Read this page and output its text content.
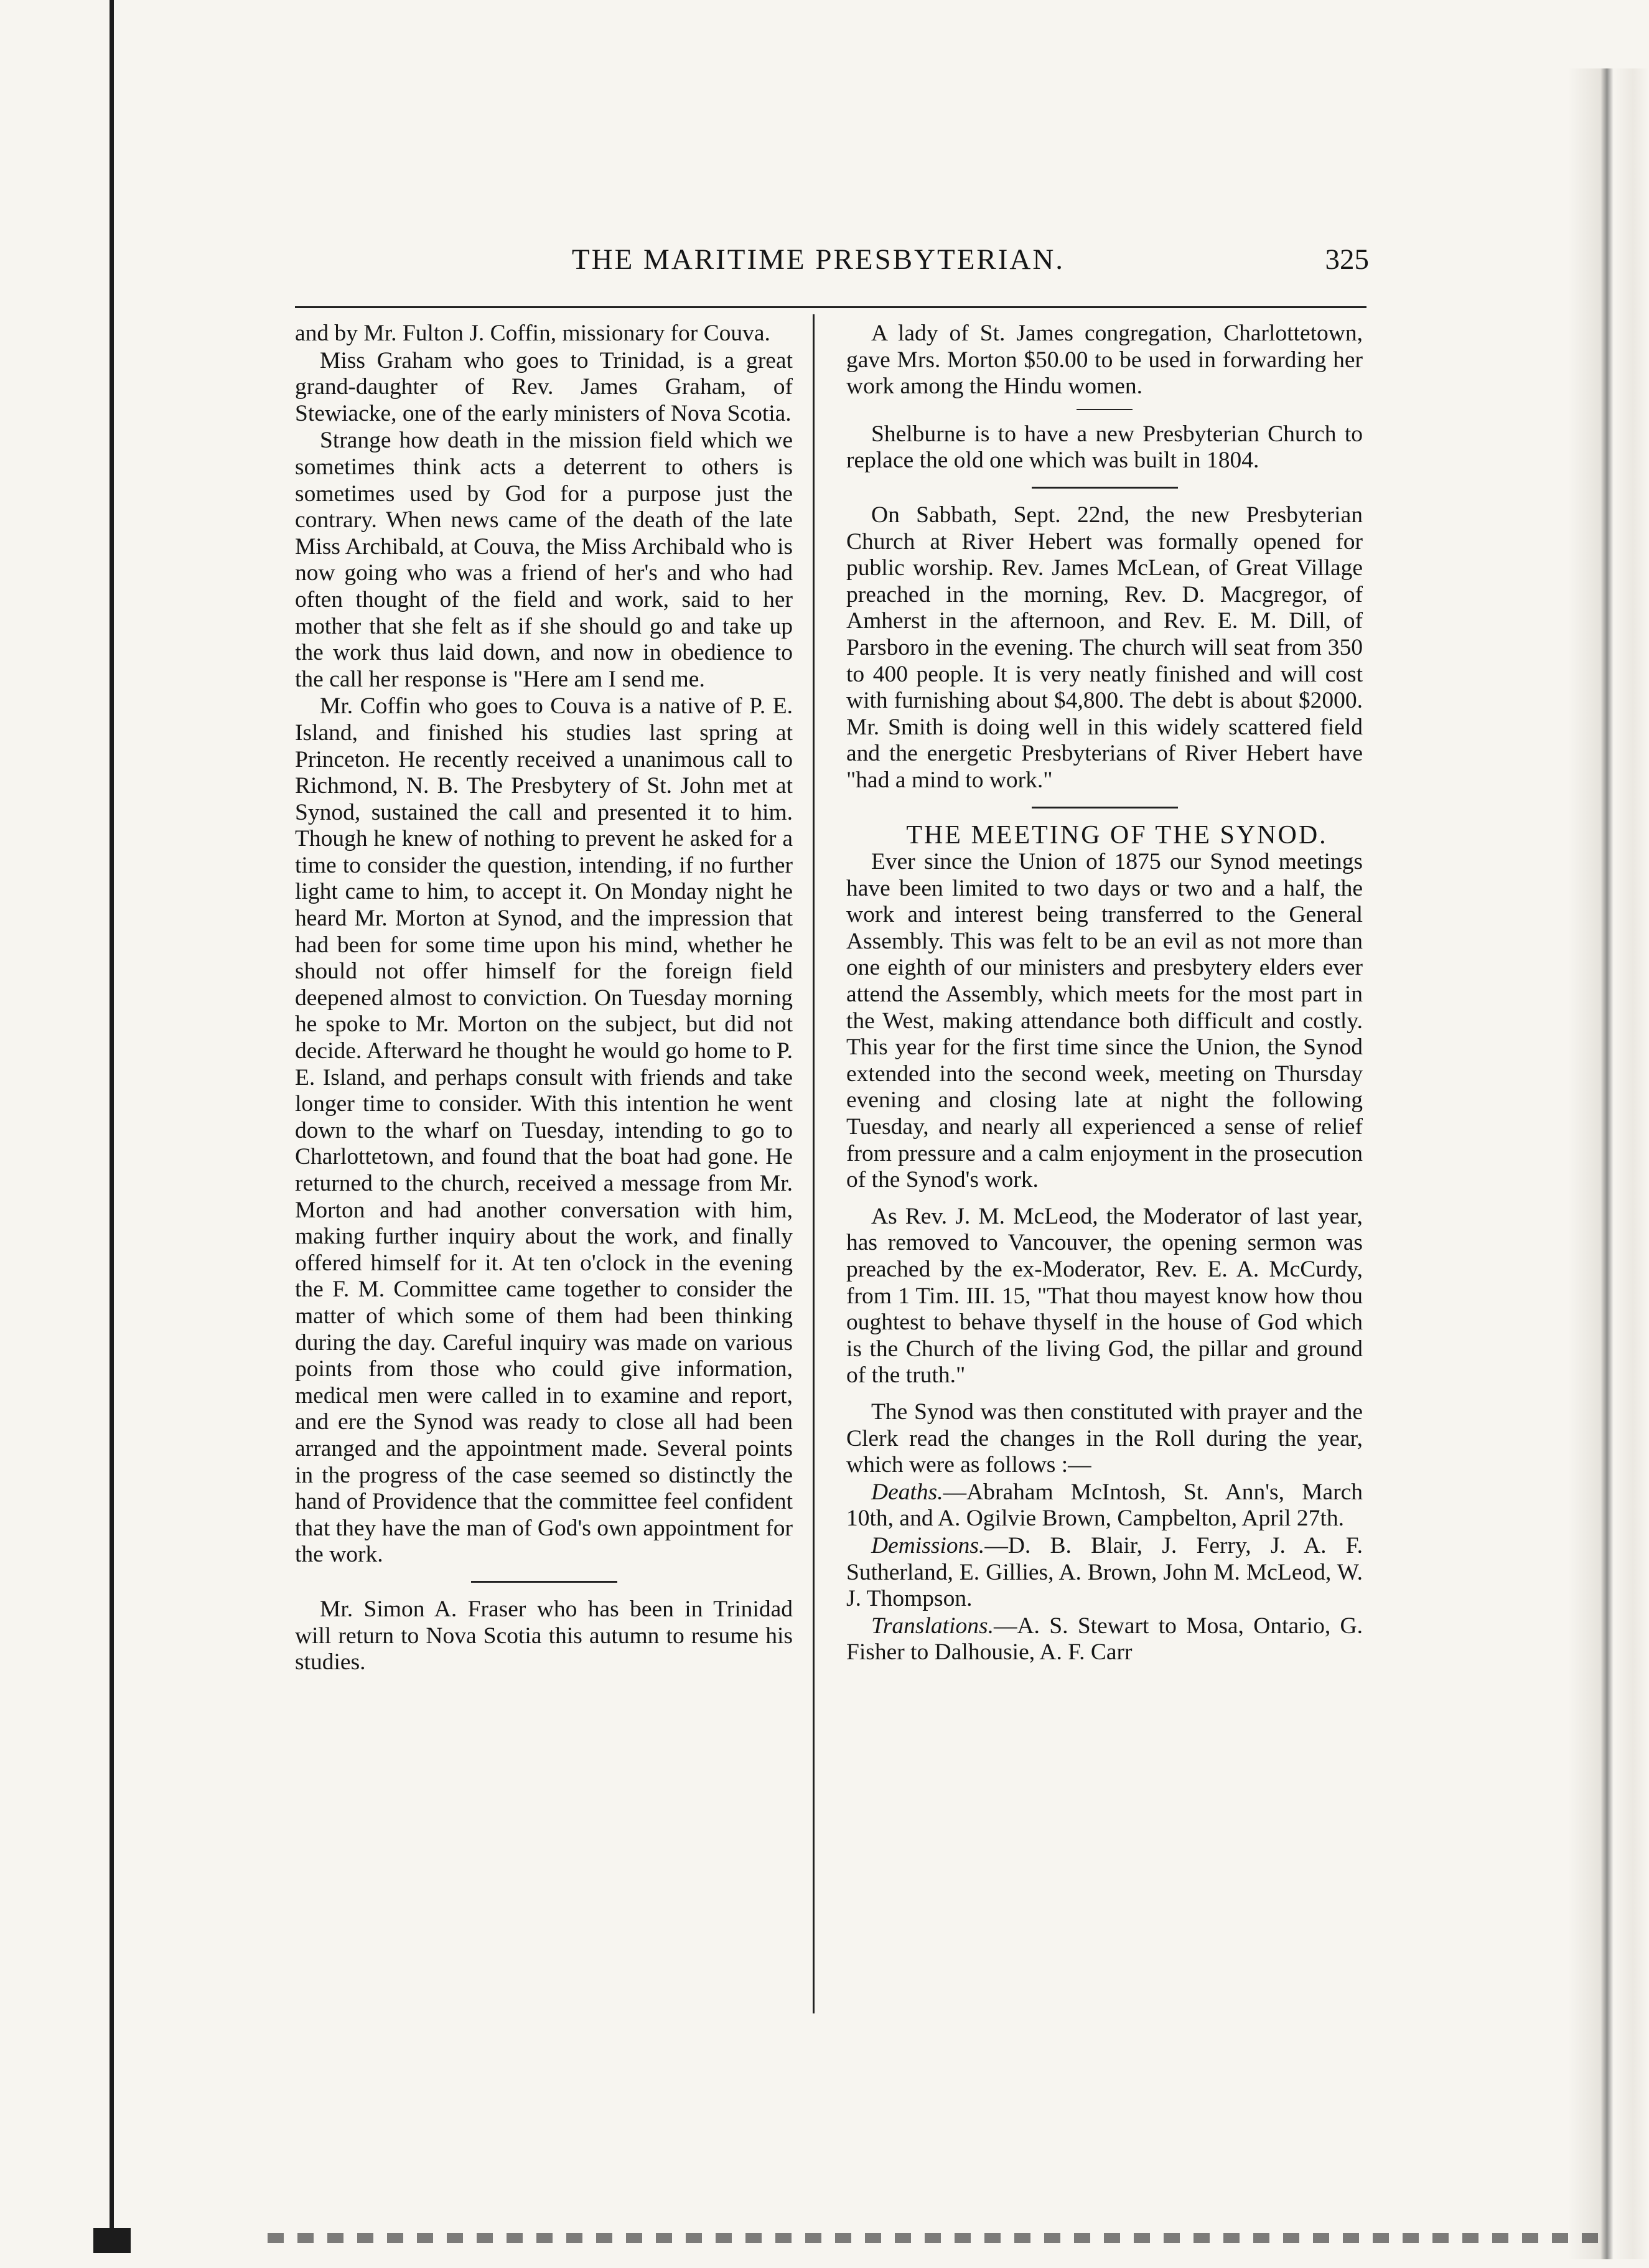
THE MARITIME PRESBYTERIAN.	325

and by Mr. Fulton J. Coffin, missionary for Couva.

Miss Graham who goes to Trinidad, is a great grand-daughter of Rev. James Graham, of Stewiacke, one of the early ministers of Nova Scotia.

Strange how death in the mission field which we sometimes think acts a deterrent to others is sometimes used by God for a purpose just the contrary. When news came of the death of the late Miss Archibald, at Couva, the Miss Archibald who is now going who was a friend of her's and who had often thought of the field and work, said to her mother that she felt as if she should go and take up the work thus laid down, and now in obedience to the call her response is "Here am I send me.

Mr. Coffin who goes to Couva is a native of P. E. Island, and finished his studies last spring at Princeton. He recently received a unanimous call to Richmond, N. B. The Presbytery of St. John met at Synod, sustained the call and presented it to him. Though he knew of nothing to prevent he asked for a time to consider the question, intending, if no further light came to him, to accept it. On Monday night he heard Mr. Morton at Synod, and the impression that had been for some time upon his mind, whether he should not offer himself for the foreign field deepened almost to conviction. On Tuesday morning he spoke to Mr. Morton on the subject, but did not decide. Afterward he thought he would go home to P. E. Island, and perhaps consult with friends and take longer time to consider. With this intention he went down to the wharf on Tuesday, intending to go to Charlottetown, and found that the boat had gone. He returned to the church, received a message from Mr. Morton and had another conversation with him, making further inquiry about the work, and finally offered himself for it. At ten o'clock in the evening the F. M. Committee came together to consider the matter of which some of them had been thinking during the day. Careful inquiry was made on various points from those who could give information, medical men were called in to examine and report, and ere the Synod was ready to close all had been arranged and the appointment made. Several points in the progress of the case seemed so distinctly the hand of Providence that the committee feel confident that they have the man of God's own appointment for the work.

Mr. Simon A. Fraser who has been in Trinidad will return to Nova Scotia this autumn to resume his studies.

A lady of St. James congregation, Charlottetown, gave Mrs. Morton $50.00 to be used in forwarding her work among the Hindu women.

Shelburne is to have a new Presbyterian Church to replace the old one which was built in 1804.

On Sabbath, Sept. 22nd, the new Presbyterian Church at River Hebert was formally opened for public worship. Rev. James McLean, of Great Village preached in the morning, Rev. D. Macgregor, of Amherst in the afternoon, and Rev. E. M. Dill, of Parsboro in the evening. The church will seat from 350 to 400 people. It is very neatly finished and will cost with furnishing about $4,800. The debt is about $2000. Mr. Smith is doing well in this widely scattered field and the energetic Presbyterians of River Hebert have "had a mind to work."

THE MEETING OF THE SYNOD.

Ever since the Union of 1875 our Synod meetings have been limited to two days or two and a half, the work and interest being transferred to the General Assembly. This was felt to be an evil as not more than one eighth of our ministers and presbytery elders ever attend the Assembly, which meets for the most part in the West, making attendance both difficult and costly. This year for the first time since the Union, the Synod extended into the second week, meeting on Thursday evening and closing late at night the following Tuesday, and nearly all experienced a sense of relief from pressure and a calm enjoyment in the prosecution of the Synod's work.

As Rev. J. M. McLeod, the Moderator of last year, has removed to Vancouver, the opening sermon was preached by the ex-Moderator, Rev. E. A. McCurdy, from 1 Tim. III. 15, "That thou mayest know how thou oughtest to behave thyself in the house of God which is the Church of the living God, the pillar and ground of the truth."

The Synod was then constituted with prayer and the Clerk read the changes in the Roll during the year, which were as follows :—

Deaths.—Abraham McIntosh, St. Ann's, March 10th, and A. Ogilvie Brown, Campbelton, April 27th.

Demissions.—D. B. Blair, J. Ferry, J. A. F. Sutherland, E. Gillies, A. Brown, John M. McLeod, W. J. Thompson.

Translations.—A. S. Stewart to Mosa, Ontario, G. Fisher to Dalhousie, A. F. Carr
